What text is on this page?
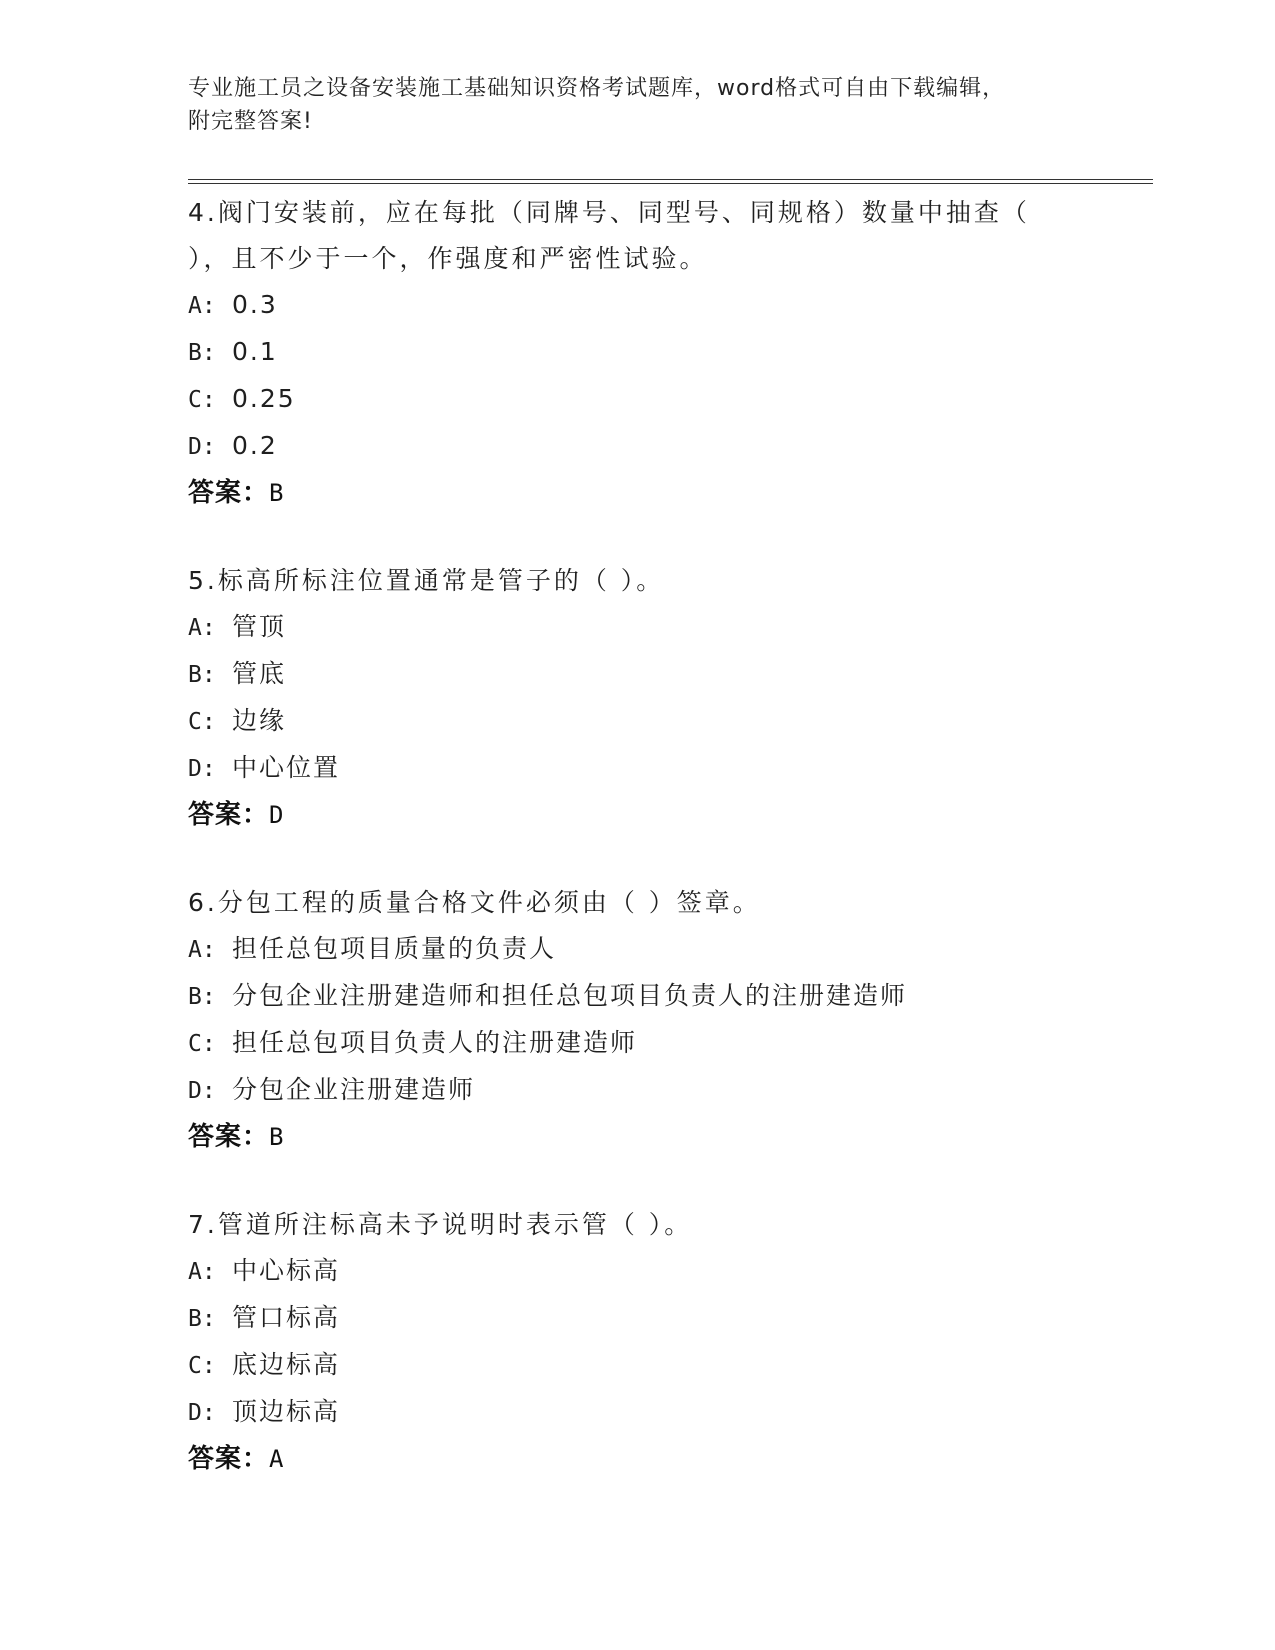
专业施工员之设备安装施工基础知识资格考试题库，word格式可自由下载编辑，
附完整答案!
4.阀门安装前，应在每批（同牌号、同型号、同规格）数量中抽查（
），且不少于一个，作强度和严密性试验。
A: 0.3
B: 0.1
C: 0.25
D: 0.2
答案：B
5.标高所标注位置通常是管子的（ ）。
A: 管顶
B: 管底
C: 边缘
D: 中心位置
答案：D
6.分包工程的质量合格文件必须由（ ）签章。
A: 担任总包项目质量的负责人
B: 分包企业注册建造师和担任总包项目负责人的注册建造师
C: 担任总包项目负责人的注册建造师
D: 分包企业注册建造师
答案：B
7.管道所注标高未予说明时表示管（ ）。
A: 中心标高
B: 管口标高
C: 底边标高
D: 顶边标高
答案：A
